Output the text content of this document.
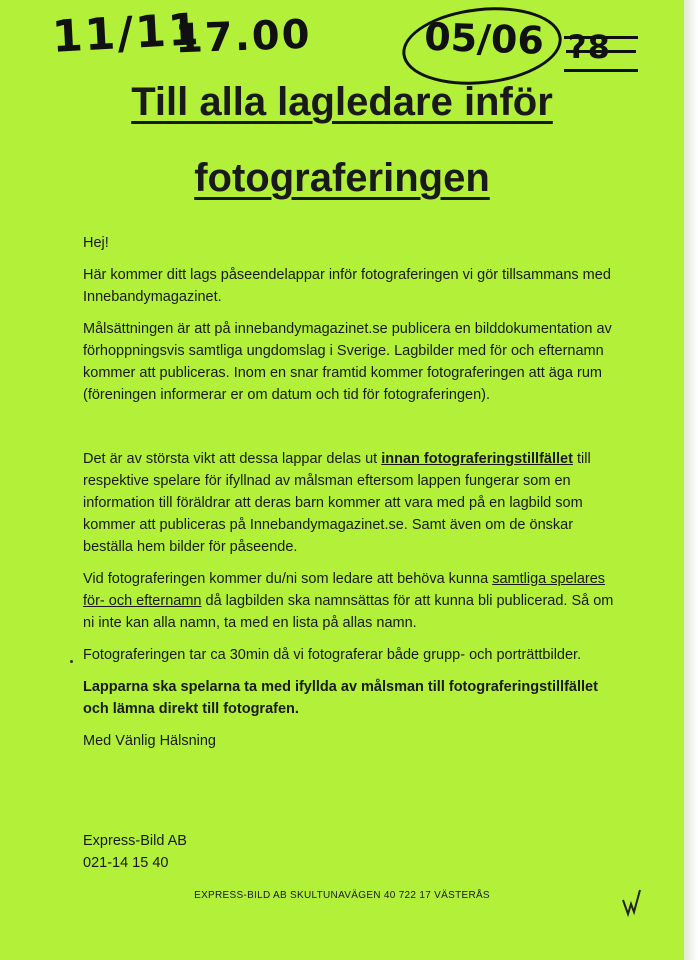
11/11
17.00	05/06 ?8
Till alla lagledare inför
fotograferingen

Hej!

Här kommer ditt lags påseendelappar inför fotograferingen vi gör tillsammans med Innebandymagazinet.

Målsättningen är att på innebandymagazinet.se publicera en bilddokumentation av förhoppningsvis samtliga ungdomslag i Sverige. Lagbilder med för och efternamn kommer att publiceras. Inom en snar framtid kommer fotograferingen att äga rum (föreningen informerar er om datum och tid för fotograferingen).

Det är av största vikt att dessa lappar delas ut innan fotograferingstillfället till respektive spelare för ifyllnad av målsman eftersom lappen fungerar som en information till föräldrar att deras barn kommer att vara med på en lagbild som kommer att publiceras på Innebandymagazinet.se. Samt även om de önskar beställa hem bilder för påseende.

Vid fotograferingen kommer du/ni som ledare att behöva kunna samtliga spelares för- och efternamn då lagbilden ska namnsättas för att kunna bli publicerad. Så om ni inte kan alla namn, ta med en lista på allas namn.

Fotograferingen tar ca 30min då vi fotograferar både grupp- och porträttbilder.

Lapparna ska spelarna ta med ifyllda av målsman till fotograferingstillfället och lämna direkt till fotografen.

Med Vänlig Hälsning

Express-Bild AB
021-14 15 40
EXPRESS-BILD AB SKULTUNAVÄGEN 40 722 17 VÄSTERÅS
